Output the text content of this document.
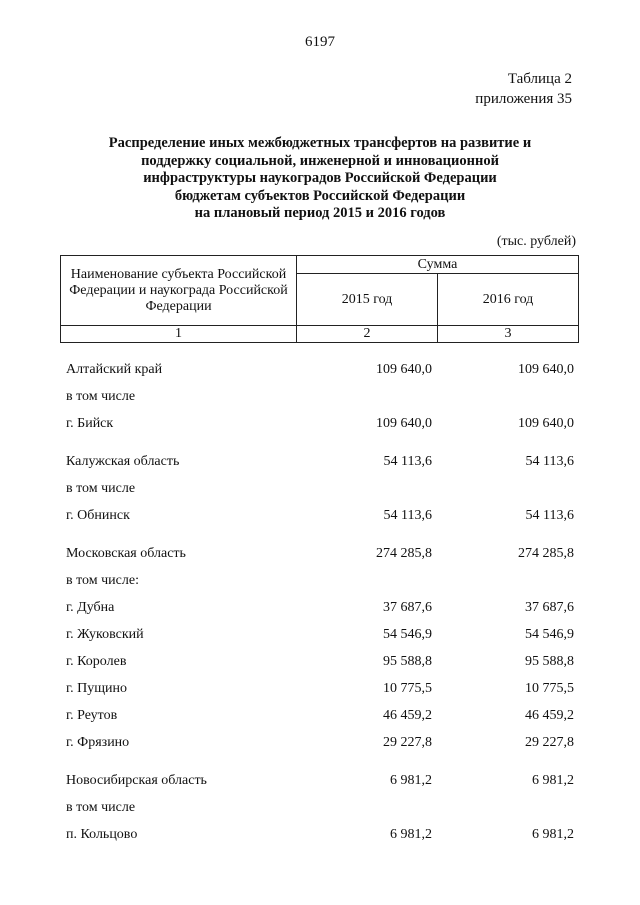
6197
Таблица 2
приложения 35
Распределение иных межбюджетных трансфертов на развитие и
поддержку социальной, инженерной и инновационной
инфраструктуры наукоградов Российской Федерации
бюджетам субъектов Российской Федерации
на плановый период 2015 и 2016 годов
(тыс. рублей)
Наименование субъекта Российской Федерации и наукограда Российской Федерации	Сумма	
	2015 год	2016 год
1	2	3
Алтайский край	109 640,0	109 640,0
в том числе
г. Бийск	109 640,0	109 640,0
Калужская область	54 113,6	54 113,6
в том числе
г. Обнинск	54 113,6	54 113,6
Московская область	274 285,8	274 285,8
в том числе:
г. Дубна	37 687,6	37 687,6
г. Жуковский	54 546,9	54 546,9
г. Королев	95 588,8	95 588,8
г. Пущино	10 775,5	10 775,5
г. Реутов	46 459,2	46 459,2
г. Фрязино	29 227,8	29 227,8
Новосибирская область	6 981,2	6 981,2
в том числе
п. Кольцово	6 981,2	6 981,2
